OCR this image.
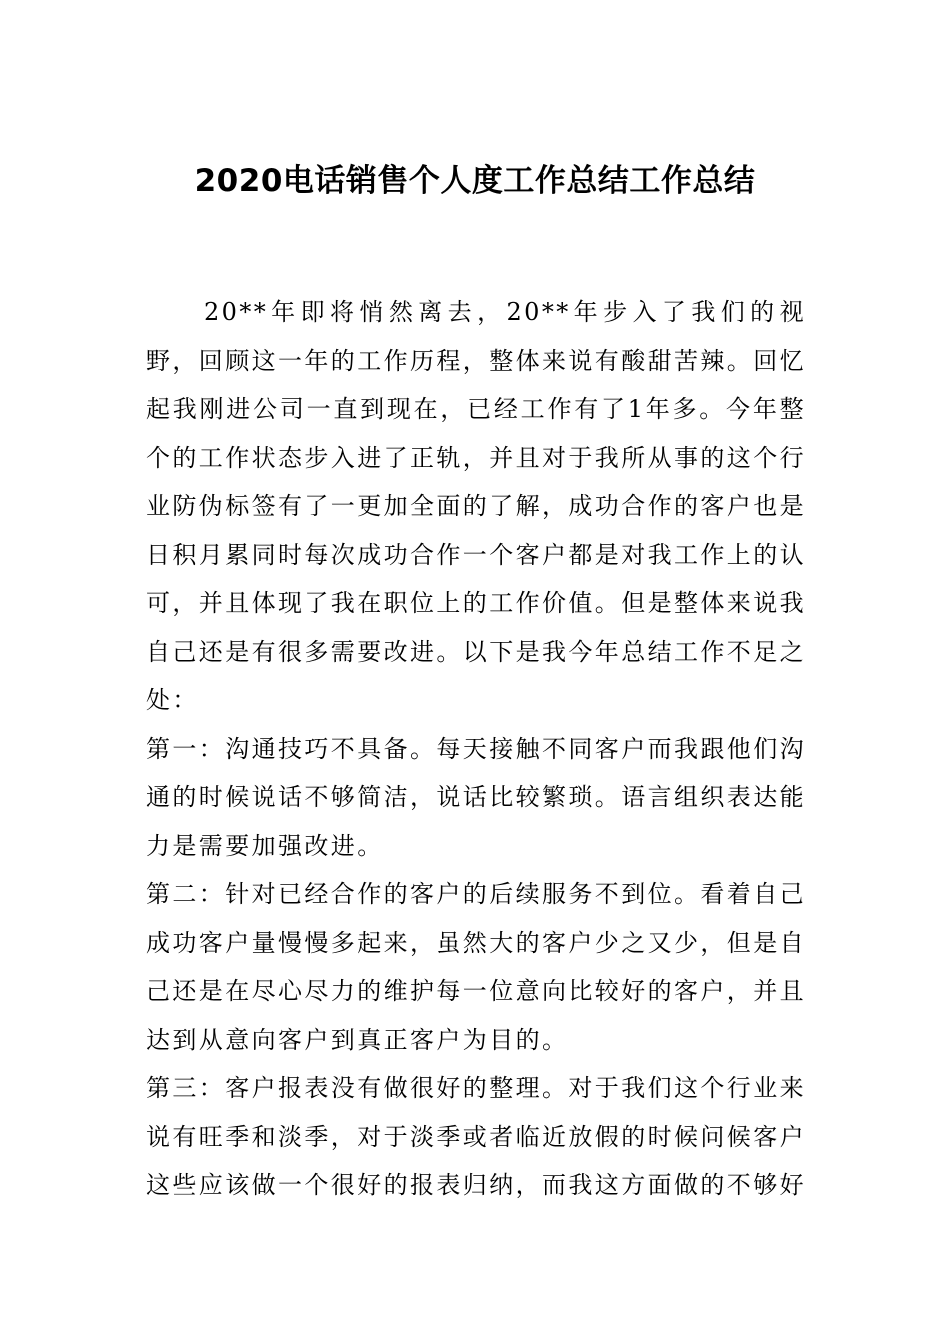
2020电话销售个人度工作总结工作总结

20**年即将悄然离去，20**年步入了我们的视野，回顾这一年的工作历程，整体来说有酸甜苦辣。回忆起我刚进公司一直到现在，已经工作有了1年多。今年整个的工作状态步入进了正轨，并且对于我所从事的这个行业防伪标签有了一更加全面的了解，成功合作的客户也是日积月累同时每次成功合作一个客户都是对我工作上的认可，并且体现了我在职位上的工作价值。但是整体来说我自己还是有很多需要改进。以下是我今年总结工作不足之处：

第一：沟通技巧不具备。每天接触不同客户而我跟他们沟通的时候说话不够简洁，说话比较繁琐。语言组织表达能力是需要加强改进。

第二：针对已经合作的客户的后续服务不到位。看着自己成功客户量慢慢多起来，虽然大的客户少之又少，但是自己还是在尽心尽力的维护每一位意向比较好的客户，并且达到从意向客户到真正客户为目的。

第三：客户报表没有做很好的整理。对于我们这个行业来说有旺季和淡季，对于淡季或者临近放假的时候问候客户这些应该做一个很好的报表归纳，而我这方面做的不够好
